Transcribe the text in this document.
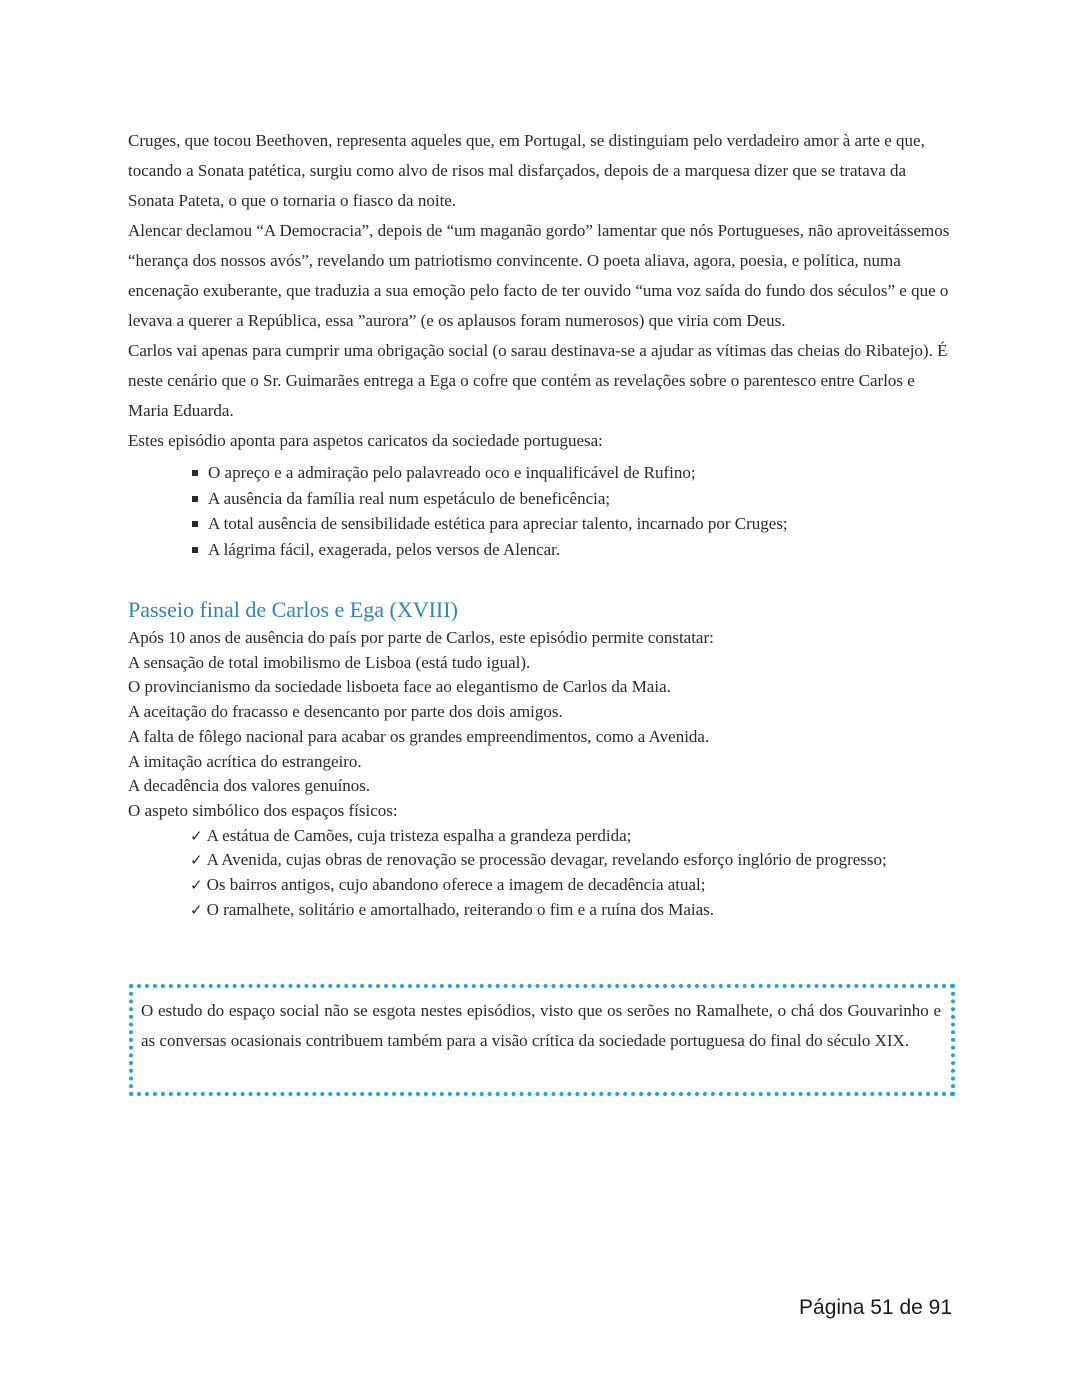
Cruges, que tocou Beethoven, representa aqueles que, em Portugal, se distinguiam pelo verdadeiro amor à arte e que, tocando a Sonata patética, surgiu como alvo de risos mal disfarçados, depois de a marquesa dizer que se tratava da Sonata Pateta, o que o tornaria o fiasco da noite.

Alencar declamou “A Democracia”, depois de “um maganão gordo” lamentar que nós Portugueses, não aproveitássemos “herança dos nossos avós”, revelando um patriotismo convincente. O poeta aliava, agora, poesia, e política, numa encenação exuberante, que traduzia a sua emoção pelo facto de ter ouvido “uma voz saída do fundo dos séculos” e que o levava a querer a República, essa ”aurora” (e os aplausos foram numerosos) que viria com Deus.

Carlos vai apenas para cumprir uma obrigação social (o sarau destinava-se a ajudar as vítimas das cheias do Ribatejo). É neste cenário que o Sr. Guimarães entrega a Ega o cofre que contém as revelações sobre o parentesco entre Carlos e Maria Eduarda.

Estes episódio aponta para aspetos caricatos da sociedade portuguesa:

O apreço e a admiração pelo palavreado oco e inqualificável de Rufino;
A ausência da família real num espetáculo de beneficência;
A total ausência de sensibilidade estética para apreciar talento, incarnado por Cruges;
A lágrima fácil, exagerada, pelos versos de Alencar.
Passeio final de Carlos e Ega (XVIII)

Após 10 anos de ausência do país por parte de Carlos, este episódio permite constatar:

A sensação de total imobilismo de Lisboa (está tudo igual).

O provincianismo da sociedade lisboeta face ao elegantismo de Carlos da Maia.

A aceitação do fracasso e desencanto por parte dos dois amigos.

A falta de fôlego nacional para acabar os grandes empreendimentos, como a Avenida.

A imitação acrítica do estrangeiro.

A decadência dos valores genuínos.

O aspeto simbólico dos espaços físicos:

✓ A estátua de Camões, cuja tristeza espalha a grandeza perdida;
✓ A Avenida, cujas obras de renovação se processão devagar, revelando esforço inglório de progresso;
✓ Os bairros antigos, cujo abandono oferece a imagem de decadência atual;
✓ O ramalhete, solitário e amortalhado, reiterando o fim e a ruína dos Maias.

O estudo do espaço social não se esgota nestes episódios, visto que os serões no Ramalhete, o chá dos Gouvarinho e as conversas ocasionais contribuem também para a visão crítica da sociedade portuguesa do final do século XIX.

Página 51 de 91
